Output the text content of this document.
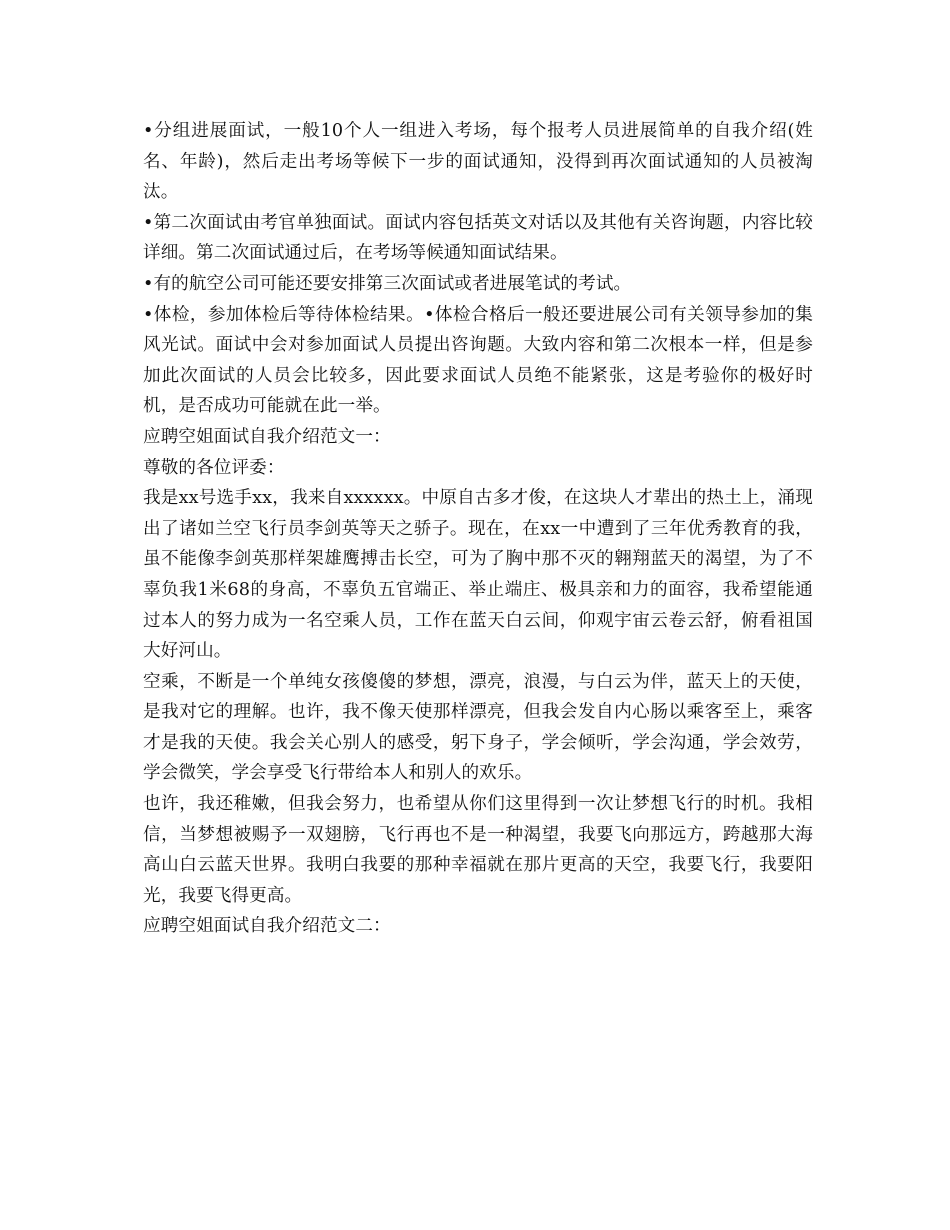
•分组进展面试，一般10个人一组进入考场，每个报考人员进展简单的自我介绍(姓名、年龄)，然后走出考场等候下一步的面试通知，没得到再次面试通知的人员被淘汰。

•第二次面试由考官单独面试。面试内容包括英文对话以及其他有关咨询题，内容比较详细。第二次面试通过后，在考场等候通知面试结果。

•有的航空公司可能还要安排第三次面试或者进展笔试的考试。

•体检，参加体检后等待体检结果。•体检合格后一般还要进展公司有关领导参加的集风光试。面试中会对参加面试人员提出咨询题。大致内容和第二次根本一样，但是参加此次面试的人员会比较多，因此要求面试人员绝不能紧张，这是考验你的极好时机，是否成功可能就在此一举。

应聘空姐面试自我介绍范文一：

尊敬的各位评委：

我是xx号选手xx，我来自xxxxxx。中原自古多才俊，在这块人才辈出的热土上，涌现出了诸如兰空飞行员李剑英等天之骄子。现在，在xx一中遭到了三年优秀教育的我，虽不能像李剑英那样架雄鹰搏击长空，可为了胸中那不灭的翱翔蓝天的渴望，为了不辜负我1米68的身高，不辜负五官端正、举止端庄、极具亲和力的面容，我希望能通过本人的努力成为一名空乘人员，工作在蓝天白云间，仰观宇宙云卷云舒，俯看祖国大好河山。

空乘，不断是一个单纯女孩傻傻的梦想，漂亮，浪漫，与白云为伴，蓝天上的天使，是我对它的理解。也许，我不像天使那样漂亮，但我会发自内心肠以乘客至上，乘客才是我的天使。我会关心别人的感受，躬下身子，学会倾听，学会沟通，学会效劳，学会微笑，学会享受飞行带给本人和别人的欢乐。

也许，我还稚嫩，但我会努力，也希望从你们这里得到一次让梦想飞行的时机。我相信，当梦想被赐予一双翅膀，飞行再也不是一种渴望，我要飞向那远方，跨越那大海高山白云蓝天世界。我明白我要的那种幸福就在那片更高的天空，我要飞行，我要阳光，我要飞得更高。

应聘空姐面试自我介绍范文二：
